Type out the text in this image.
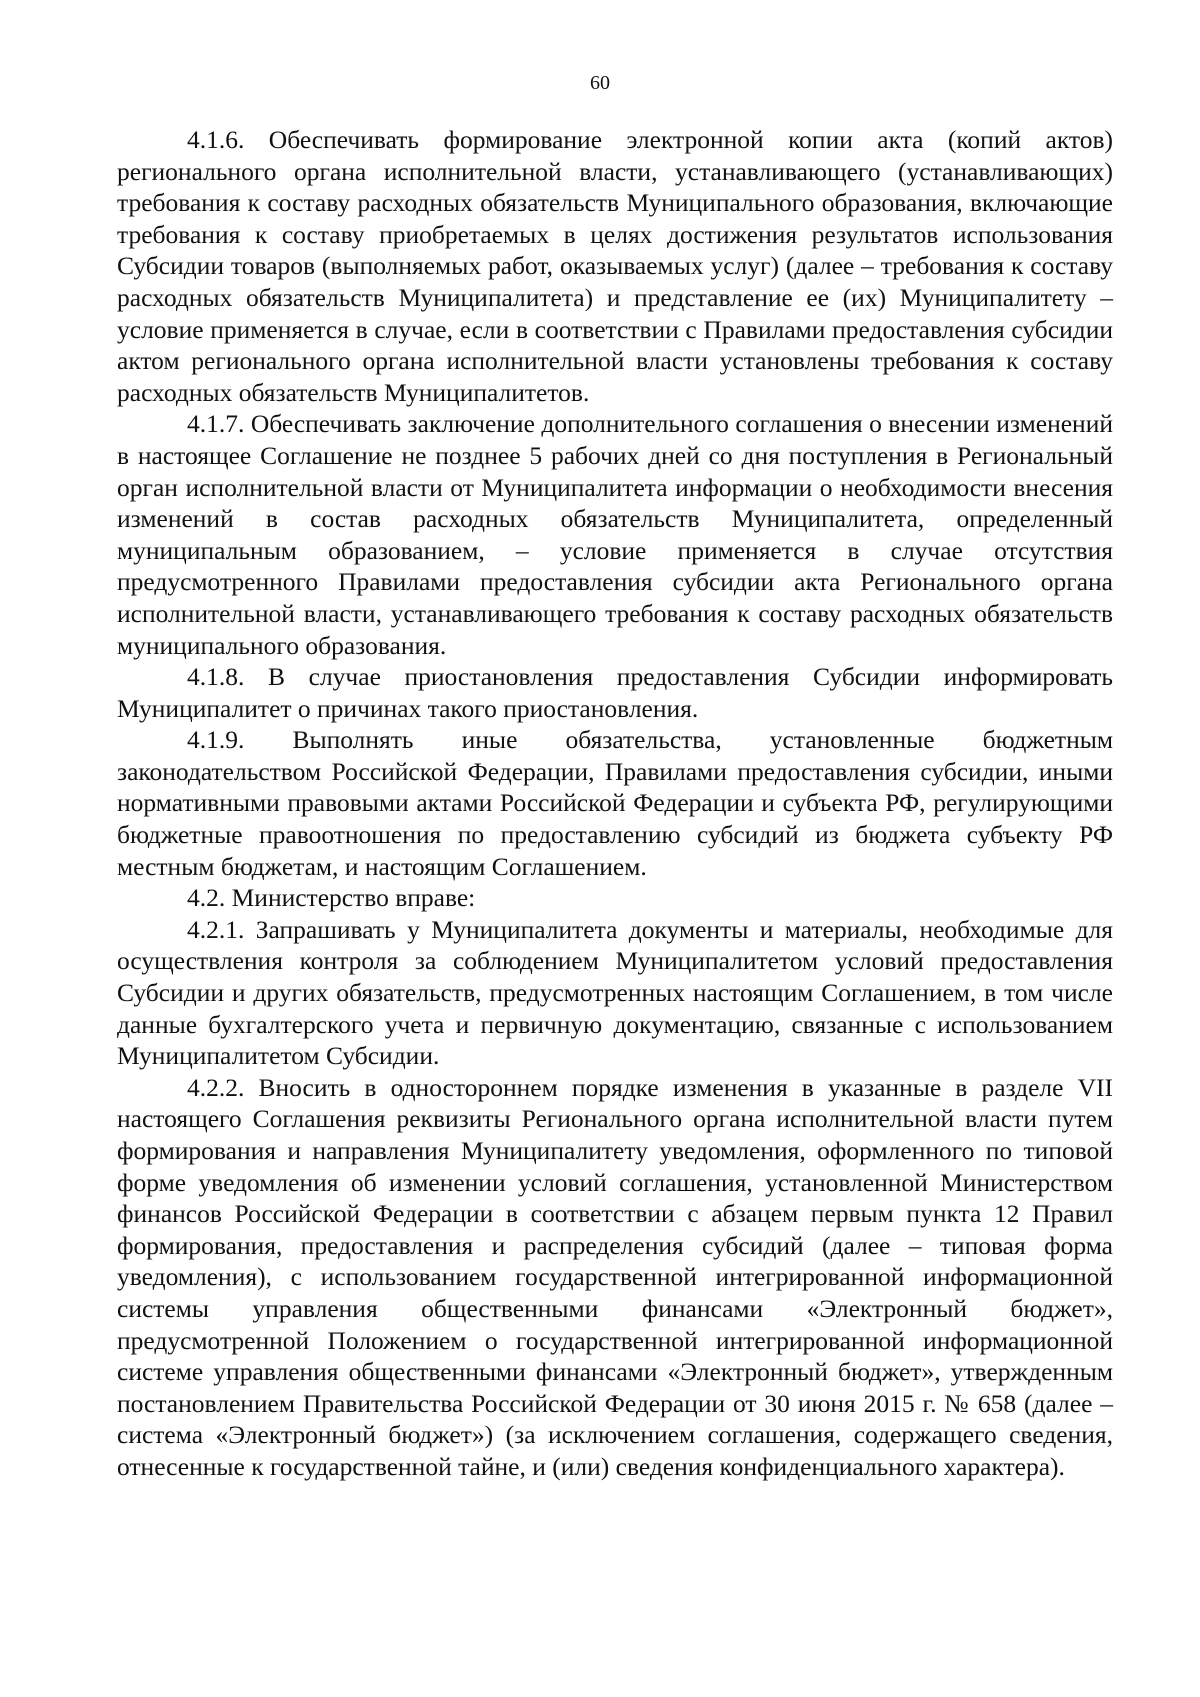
60

4.1.6. Обеспечивать формирование электронной копии акта (копий актов) регионального органа исполнительной власти, устанавливающего (устанавливающих) требования к составу расходных обязательств Муниципального образования, включающие требования к составу приобретаемых в целях достижения результатов использования Субсидии товаров (выполняемых работ, оказываемых услуг) (далее – требования к составу расходных обязательств Муниципалитета) и представление ее (их) Муниципалитету – условие применяется в случае, если в соответствии с Правилами предоставления субсидии актом регионального органа исполнительной власти установлены требования к составу расходных обязательств Муниципалитетов.

4.1.7. Обеспечивать заключение дополнительного соглашения о внесении изменений в настоящее Соглашение не позднее 5 рабочих дней со дня поступления в Региональный орган исполнительной власти от Муниципалитета информации о необходимости внесения изменений в состав расходных обязательств Муниципалитета, определенный муниципальным образованием, – условие применяется в случае отсутствия предусмотренного Правилами предоставления субсидии акта Регионального органа исполнительной власти, устанавливающего требования к составу расходных обязательств муниципального образования.

4.1.8. В случае приостановления предоставления Субсидии информировать Муниципалитет о причинах такого приостановления.

4.1.9. Выполнять иные обязательства, установленные бюджетным законодательством Российской Федерации, Правилами предоставления субсидии, иными нормативными правовыми актами Российской Федерации и субъекта РФ, регулирующими бюджетные правоотношения по предоставлению субсидий из бюджета субъекту РФ местным бюджетам, и настоящим Соглашением.

4.2. Министерство вправе:

4.2.1. Запрашивать у Муниципалитета документы и материалы, необходимые для осуществления контроля за соблюдением Муниципалитетом условий предоставления Субсидии и других обязательств, предусмотренных настоящим Соглашением, в том числе данные бухгалтерского учета и первичную документацию, связанные с использованием Муниципалитетом Субсидии.

4.2.2. Вносить в одностороннем порядке изменения в указанные в разделе VII настоящего Соглашения реквизиты Регионального органа исполнительной власти путем формирования и направления Муниципалитету уведомления, оформленного по типовой форме уведомления об изменении условий соглашения, установленной Министерством финансов Российской Федерации в соответствии с абзацем первым пункта 12 Правил формирования, предоставления и распределения субсидий (далее – типовая форма уведомления), с использованием государственной интегрированной информационной системы управления общественными финансами «Электронный бюджет», предусмотренной Положением о государственной интегрированной информационной системе управления общественными финансами «Электронный бюджет», утвержденным постановлением Правительства Российской Федерации от 30 июня 2015 г. № 658 (далее – система «Электронный бюджет») (за исключением соглашения, содержащего сведения, отнесенные к государственной тайне, и (или) сведения конфиденциального характера).
